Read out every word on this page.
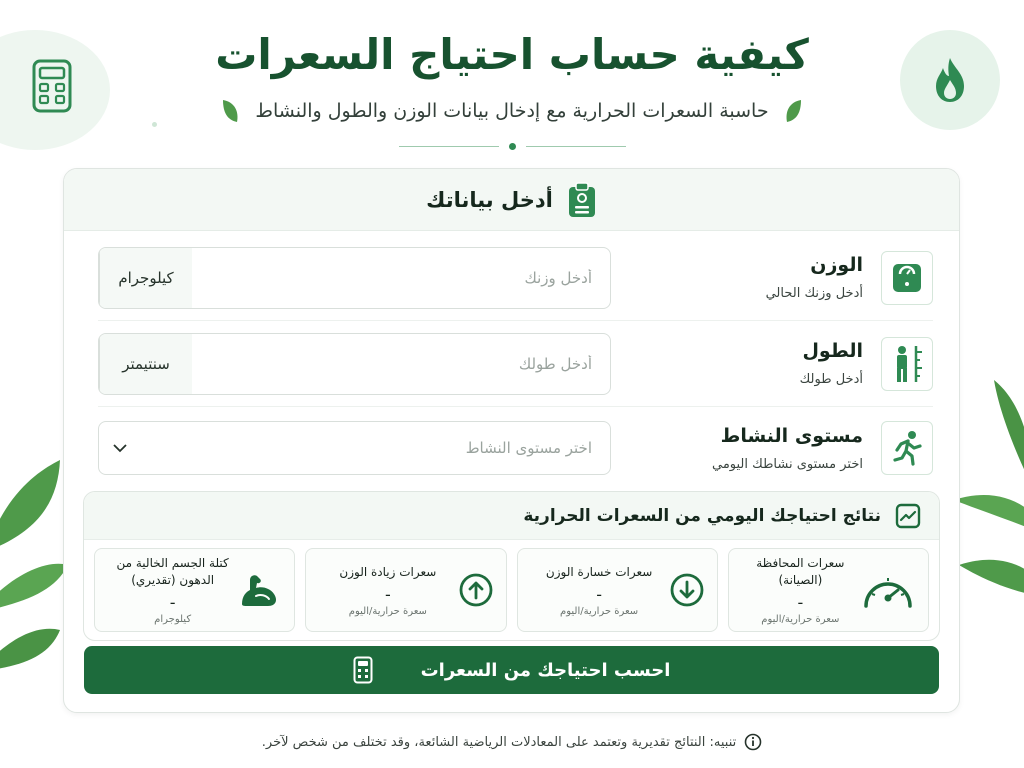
كيفية حساب احتياج السعرات
حاسبة السعرات الحرارية مع إدخال بيانات الوزن والطول والنشاط
أدخل بياناتك
الوزن
أدخل وزنك الحالي
أدخل وزنك
كيلوجرام
الطول
أدخل طولك
أدخل طولك
سنتيمتر
مستوى النشاط
اختر مستوى نشاطك اليومي
اختر مستوى النشاط
نتائج احتياجك اليومي من السعرات الحرارية
سعرات المحافظة (الصيانة)
-
سعرة حرارية/اليوم
سعرات خسارة الوزن
-
سعرة حرارية/اليوم
سعرات زيادة الوزن
-
سعرة حرارية/اليوم
كتلة الجسم الخالية من الدهون (تقديري)
-
كيلوجرام
احسب احتياجك من السعرات
تنبيه: النتائج تقديرية وتعتمد على المعادلات الرياضية الشائعة، وقد تختلف من شخص لآخر.
